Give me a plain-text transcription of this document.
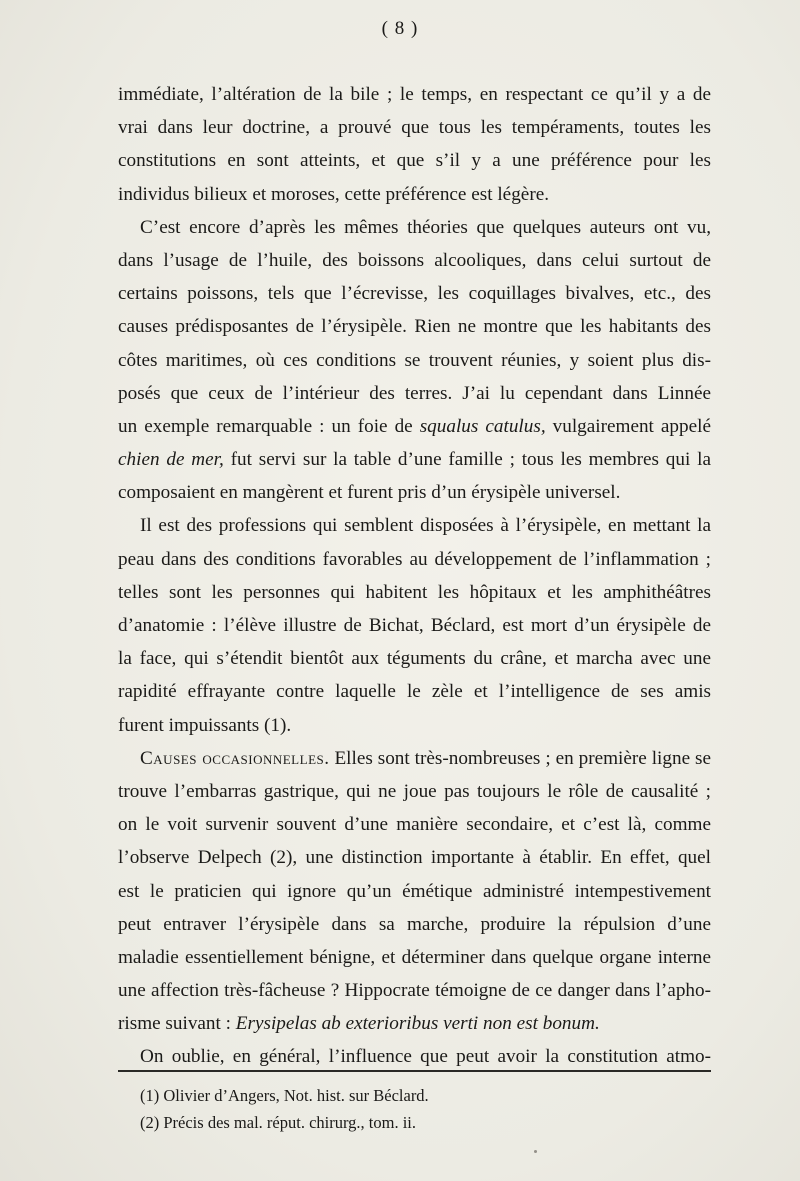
( 8 )
immédiate, l’altération de la bile ; le temps, en respectant ce qu’il y a de
vrai dans leur doctrine, a prouvé que tous les tempéraments, toutes les
constitutions en sont atteints, et que s’il y a une préférence pour les
individus bilieux et moroses, cette préférence est légère.
C’est encore d’après les mêmes théories que quelques auteurs ont vu,
dans l’usage de l’huile, des boissons alcooliques, dans celui surtout de
certains poissons, tels que l’écrevisse, les coquillages bivalves, etc., des
causes prédisposantes de l’érysipèle. Rien ne montre que les habitants des
côtes maritimes, où ces conditions se trouvent réunies, y soient plus dis-
posés que ceux de l’intérieur des terres. J’ai lu cependant dans Linnée
un exemple remarquable : un foie de squalus catulus, vulgairement appelé
chien de mer, fut servi sur la table d’une famille ; tous les membres qui la
composaient en mangèrent et furent pris d’un érysipèle universel.
Il est des professions qui semblent disposées à l’érysipèle, en mettant la
peau dans des conditions favorables au développement de l’inflammation ;
telles sont les personnes qui habitent les hôpitaux et les amphithéâtres
d’anatomie : l’élève illustre de Bichat, Béclard, est mort d’un érysipèle de
la face, qui s’étendit bientôt aux téguments du crâne, et marcha avec une
rapidité effrayante contre laquelle le zèle et l’intelligence de ses amis
furent impuissants (1).
Causes occasionnelles. Elles sont très-nombreuses ; en première ligne se
trouve l’embarras gastrique, qui ne joue pas toujours le rôle de causalité ;
on le voit survenir souvent d’une manière secondaire, et c’est là, comme
l’observe Delpech (2), une distinction importante à établir. En effet, quel
est le praticien qui ignore qu’un émétique administré intempestivement
peut entraver l’érysipèle dans sa marche, produire la répulsion d’une
maladie essentiellement bénigne, et déterminer dans quelque organe interne
une affection très-fâcheuse ? Hippocrate témoigne de ce danger dans l’apho-
risme suivant : Erysipelas ab exterioribus verti non est bonum.
On oublie, en général, l’influence que peut avoir la constitution atmo-
(1) Olivier d’Angers, Not. hist. sur Béclard.
(2) Précis des mal. réput. chirurg., tom. ii.
